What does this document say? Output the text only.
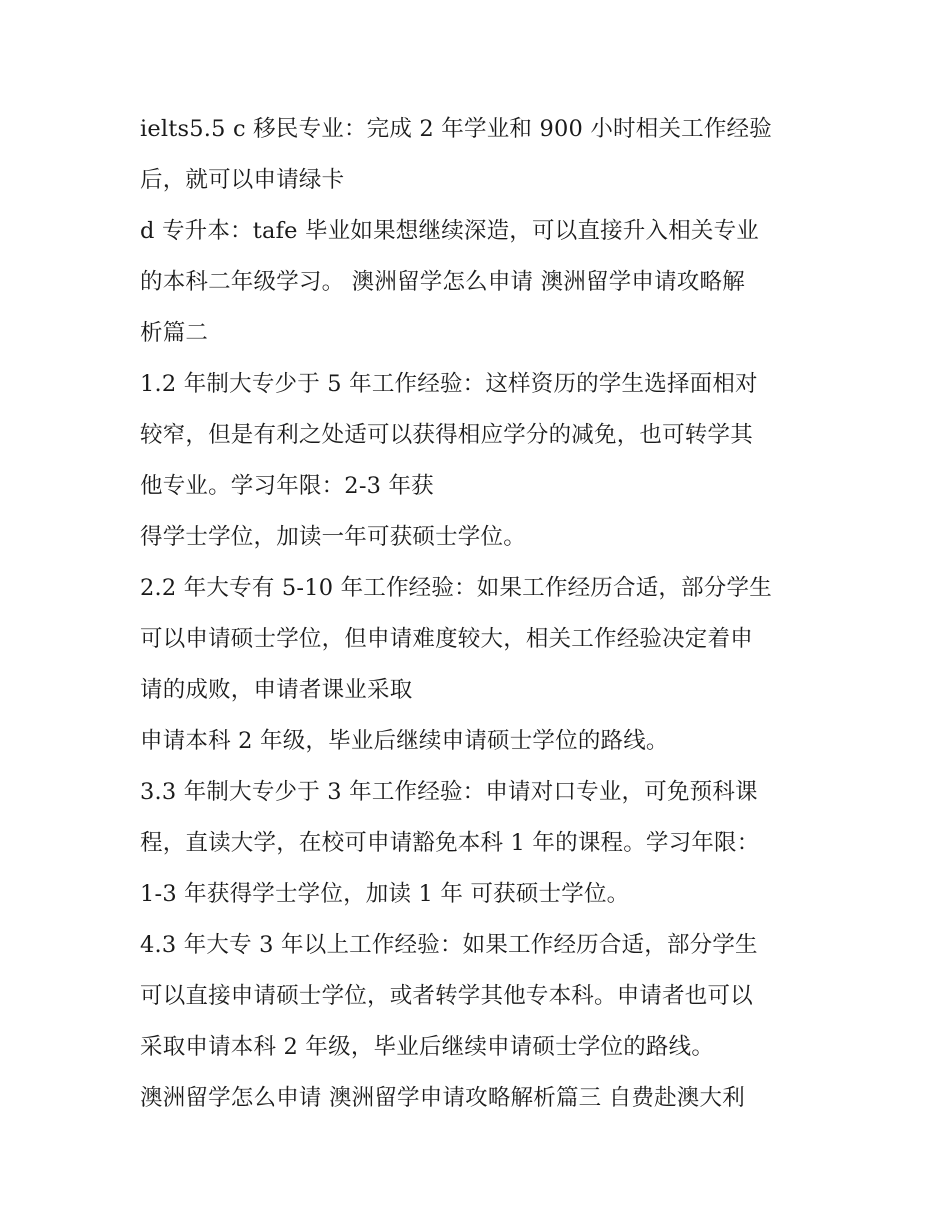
ielts5.5 c 移民专业：完成 2 年学业和 900 小时相关工作经验
后，就可以申请绿卡
d 专升本：tafe 毕业如果想继续深造，可以直接升入相关专业
的本科二年级学习。 澳洲留学怎么申请 澳洲留学申请攻略解
析篇二
1.2 年制大专少于 5 年工作经验：这样资历的学生选择面相对
较窄，但是有利之处适可以获得相应学分的减免，也可转学其
他专业。学习年限：2-3 年获
得学士学位，加读一年可获硕士学位。
2.2 年大专有 5-10 年工作经验：如果工作经历合适，部分学生
可以申请硕士学位，但申请难度较大，相关工作经验决定着申
请的成败，申请者课业采取
申请本科 2 年级，毕业后继续申请硕士学位的路线。
3.3 年制大专少于 3 年工作经验：申请对口专业，可免预科课
程，直读大学，在校可申请豁免本科 1 年的课程。学习年限：
1-3 年获得学士学位，加读 1 年 可获硕士学位。
4.3 年大专 3 年以上工作经验：如果工作经历合适，部分学生
可以直接申请硕士学位，或者转学其他专本科。申请者也可以
采取申请本科 2 年级，毕业后继续申请硕士学位的路线。
澳洲留学怎么申请 澳洲留学申请攻略解析篇三 自费赴澳大利
